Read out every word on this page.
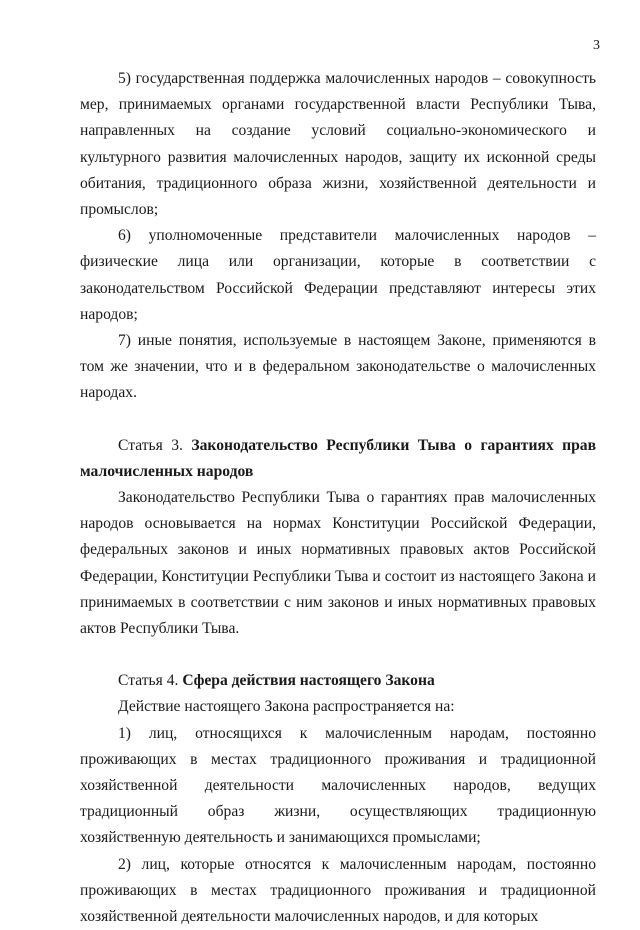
3

5) государственная поддержка малочисленных народов – совокупность мер, принимаемых органами государственной власти Республики Тыва, направленных на создание условий социально-экономического и культурного развития малочисленных народов, защиту их исконной среды обитания, традиционного образа жизни, хозяйственной деятельности и промыслов;

6) уполномоченные представители малочисленных народов – физические лица или организации, которые в соответствии с законодательством Российской Федерации представляют интересы этих народов;

7) иные понятия, используемые в настоящем Законе, применяются в том же значении, что и в федеральном законодательстве о малочисленных народах.

Статья 3. Законодательство Республики Тыва о гарантиях прав малочисленных народов

Законодательство Республики Тыва о гарантиях прав малочисленных народов основывается на нормах Конституции Российской Федерации, федеральных законов и иных нормативных правовых актов Российской Федерации, Конституции Республики Тыва и состоит из настоящего Закона и принимаемых в соответствии с ним законов и иных нормативных правовых актов Республики Тыва.

Статья 4. Сфера действия настоящего Закона

Действие настоящего Закона распространяется на:

1) лиц, относящихся к малочисленным народам, постоянно проживающих в местах традиционного проживания и традиционной хозяйственной деятельности малочисленных народов, ведущих традиционный образ жизни, осуществляющих традиционную хозяйственную деятельность и занимающихся промыслами;

2) лиц, которые относятся к малочисленным народам, постоянно проживающих в местах традиционного проживания и традиционной хозяйственной деятельности малочисленных народов, и для которых
